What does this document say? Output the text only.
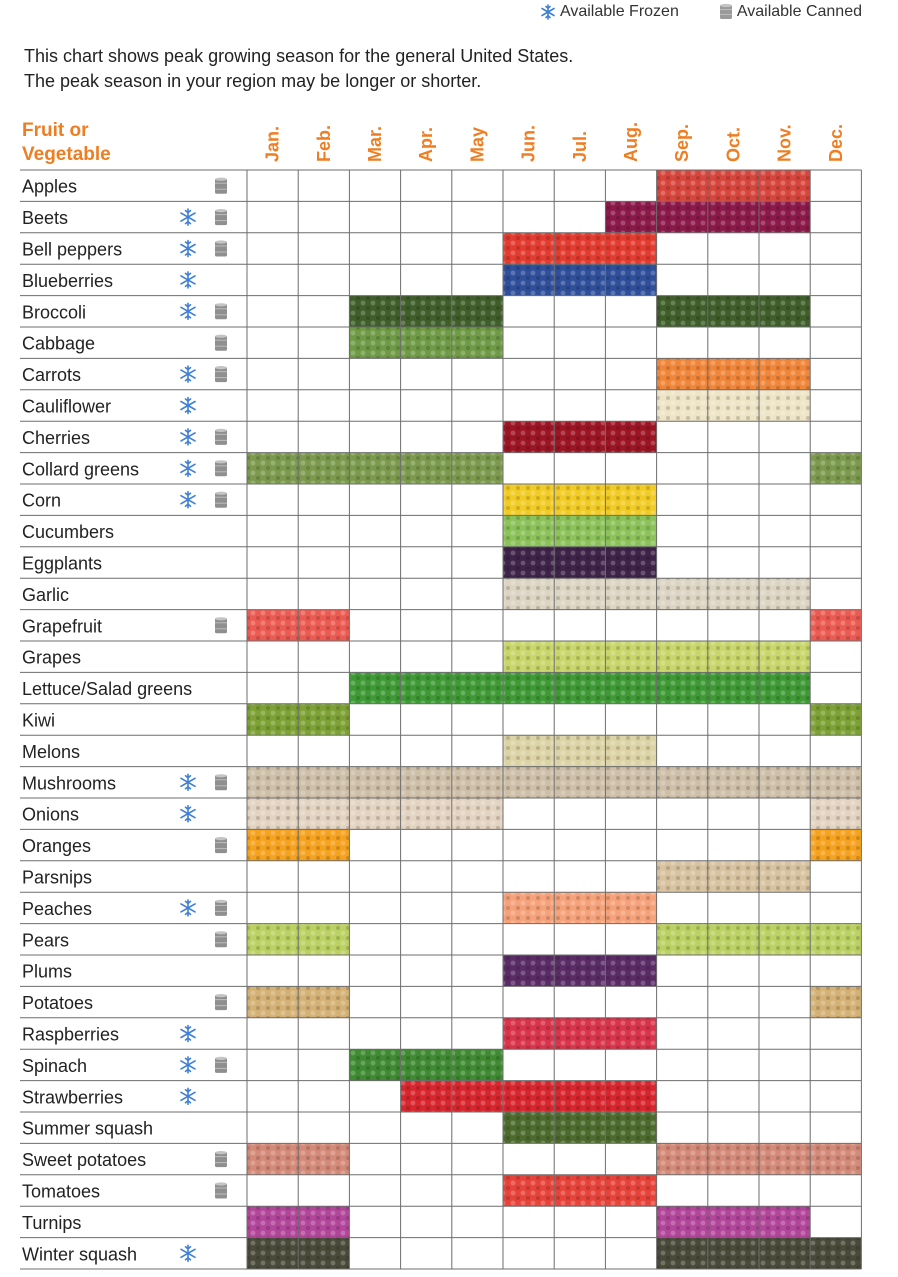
Available Frozen	Available Canned
This chart shows peak growing season for the general United States.
The peak season in your region may be longer or shorter.
Fruit or Vegetable	Jan. Feb. Mar. Apr. May Jun. Jul. Aug. Sep. Oct. Nov. Dec.
Apples
Beets
Bell peppers
Blueberries
Broccoli
Cabbage
Carrots
Cauliflower
Cherries
Collard greens
Corn
Cucumbers
Eggplants
Garlic
Grapefruit
Grapes
Lettuce/Salad greens
Kiwi
Melons
Mushrooms
Onions
Oranges
Parsnips
Peaches
Pears
Plums
Potatoes
Raspberries
Spinach
Strawberries
Summer squash
Sweet potatoes
Tomatoes
Turnips
Winter squash
